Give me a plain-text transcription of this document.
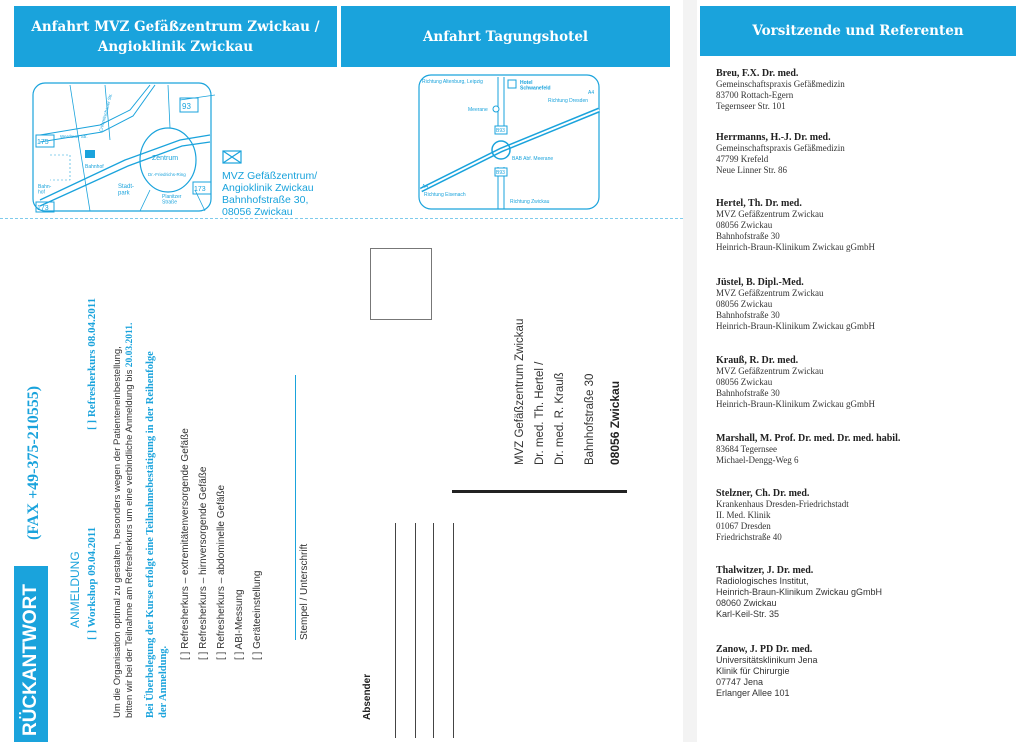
Anfahrt MVZ Gefäßzentrum Zwickau /
Angioklinik Zwickau
93
175
173
173
Werdauer Str.
Crimmitschauer Str.
Bahnhof
Zentrum
Dr.-Friedrichs-Ring
Stadt-park
Planitzer Straße
Bahn-hof
MVZ Gefäßzentrum/
Angioklinik Zwickau
Bahnhofstraße 30,
08056 Zwickau
RÜCKANTWORT
(FAX +49-375-210555)
ANMELDUNG [ ] Workshop 09.04.2011
[ ] Refresherkurs 08.04.2011 Um die Organisation optimal zu gestalten, besonders wegen der Patienteneinbestellung, bitten wir bei der Teilnahme am Refresherkurs um eine verbindliche Anmeldung bis 20.03.2011.
Bei Überbelegung der Kurse erfolgt eine Teilnahmebestätigung in der Reihenfolge der Anmeldung.
[ ] Refresherkurs – extremitätenversorgende Gefäße [ ] Refresherkurs – hirnversorgende Gefäße [ ] Refresherkurs – abdominelle Gefäße [ ] ABI-Messung [ ] Geräteeinstellung	Stempel / Unterschrift
Anfahrt Tagungshotel
Richtung Altenburg, Leipzig	Hotel Schwanefeld
A4
Richtung Dresden
Meerane
B93
BAB Abf. Meerane
B93
A4
Richtung Eisenach
Richtung Zwickau
MVZ Gefäßzentrum Zwickau Dr. med. Th. Hertel / Dr. med. R. Krauß Bahnhofstraße 30 08056 Zwickau
Absender
Vorsitzende und Referenten
Breu, F.X. Dr. med.
Gemeinschaftspraxis Gefäßmedizin
83700 Rottach-Egern
Tegernseer Str. 101
Herrmanns, H.-J. Dr. med.
Gemeinschaftspraxis Gefäßmedizin
47799 Krefeld
Neue Linner Str. 86
Hertel, Th. Dr. med.
MVZ Gefäßzentrum Zwickau
08056 Zwickau
Bahnhofstraße 30
Heinrich-Braun-Klinikum Zwickau gGmbH
Jüstel, B. Dipl.-Med.
MVZ Gefäßzentrum Zwickau
08056 Zwickau
Bahnhofstraße 30
Heinrich-Braun-Klinikum Zwickau gGmbH
Krauß, R. Dr. med.
MVZ Gefäßzentrum Zwickau
08056 Zwickau
Bahnhofstraße 30
Heinrich-Braun-Klinikum Zwickau gGmbH
Marshall, M. Prof. Dr. med. Dr. med. habil.
83684 Tegernsee
Michael-Dengg-Weg 6
Stelzner, Ch. Dr. med.
Krankenhaus Dresden-Friedrichstadt
II. Med. Klinik
01067 Dresden
Friedrichstraße 40
Thalwitzer, J. Dr. med.
Radiologisches Institut,
Heinrich-Braun-Klinikum Zwickau gGmbH
08060 Zwickau
Karl-Keil-Str. 35
Zanow, J. PD Dr. med.
Universitätsklinikum Jena
Klinik für Chirurgie
07747 Jena
Erlanger Allee 101
